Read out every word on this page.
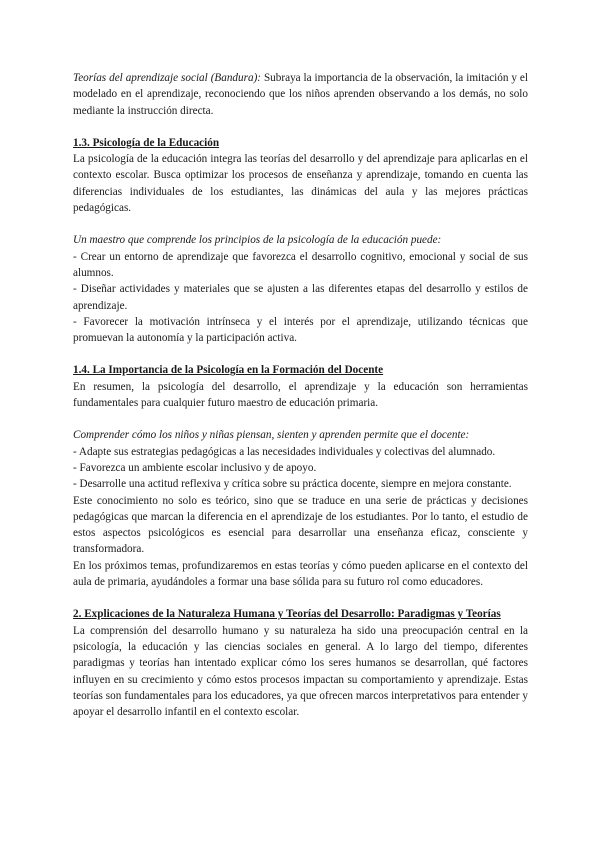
Teorías del aprendizaje social (Bandura): Subraya la importancia de la observación, la imitación y el modelado en el aprendizaje, reconociendo que los niños aprenden observando a los demás, no solo mediante la instrucción directa.

1.3. Psicología de la Educación

La psicología de la educación integra las teorías del desarrollo y del aprendizaje para aplicarlas en el contexto escolar. Busca optimizar los procesos de enseñanza y aprendizaje, tomando en cuenta las diferencias individuales de los estudiantes, las dinámicas del aula y las mejores prácticas pedagógicas.

Un maestro que comprende los principios de la psicología de la educación puede:

- Crear un entorno de aprendizaje que favorezca el desarrollo cognitivo, emocional y social de sus alumnos.

- Diseñar actividades y materiales que se ajusten a las diferentes etapas del desarrollo y estilos de aprendizaje.

- Favorecer la motivación intrínseca y el interés por el aprendizaje, utilizando técnicas que promuevan la autonomía y la participación activa.

1.4. La Importancia de la Psicología en la Formación del Docente

En resumen, la psicología del desarrollo, el aprendizaje y la educación son herramientas fundamentales para cualquier futuro maestro de educación primaria.

Comprender cómo los niños y niñas piensan, sienten y aprenden permite que el docente:

- Adapte sus estrategias pedagógicas a las necesidades individuales y colectivas del alumnado.

- Favorezca un ambiente escolar inclusivo y de apoyo.

- Desarrolle una actitud reflexiva y crítica sobre su práctica docente, siempre en mejora constante.

Este conocimiento no solo es teórico, sino que se traduce en una serie de prácticas y decisiones pedagógicas que marcan la diferencia en el aprendizaje de los estudiantes. Por lo tanto, el estudio de estos aspectos psicológicos es esencial para desarrollar una enseñanza eficaz, consciente y transformadora.

En los próximos temas, profundizaremos en estas teorías y cómo pueden aplicarse en el contexto del aula de primaria, ayudándoles a formar una base sólida para su futuro rol como educadores.

2. Explicaciones de la Naturaleza Humana y Teorías del Desarrollo: Paradigmas y Teorías

La comprensión del desarrollo humano y su naturaleza ha sido una preocupación central en la psicología, la educación y las ciencias sociales en general. A lo largo del tiempo, diferentes paradigmas y teorías han intentado explicar cómo los seres humanos se desarrollan, qué factores influyen en su crecimiento y cómo estos procesos impactan su comportamiento y aprendizaje. Estas teorías son fundamentales para los educadores, ya que ofrecen marcos interpretativos para entender y apoyar el desarrollo infantil en el contexto escolar.
